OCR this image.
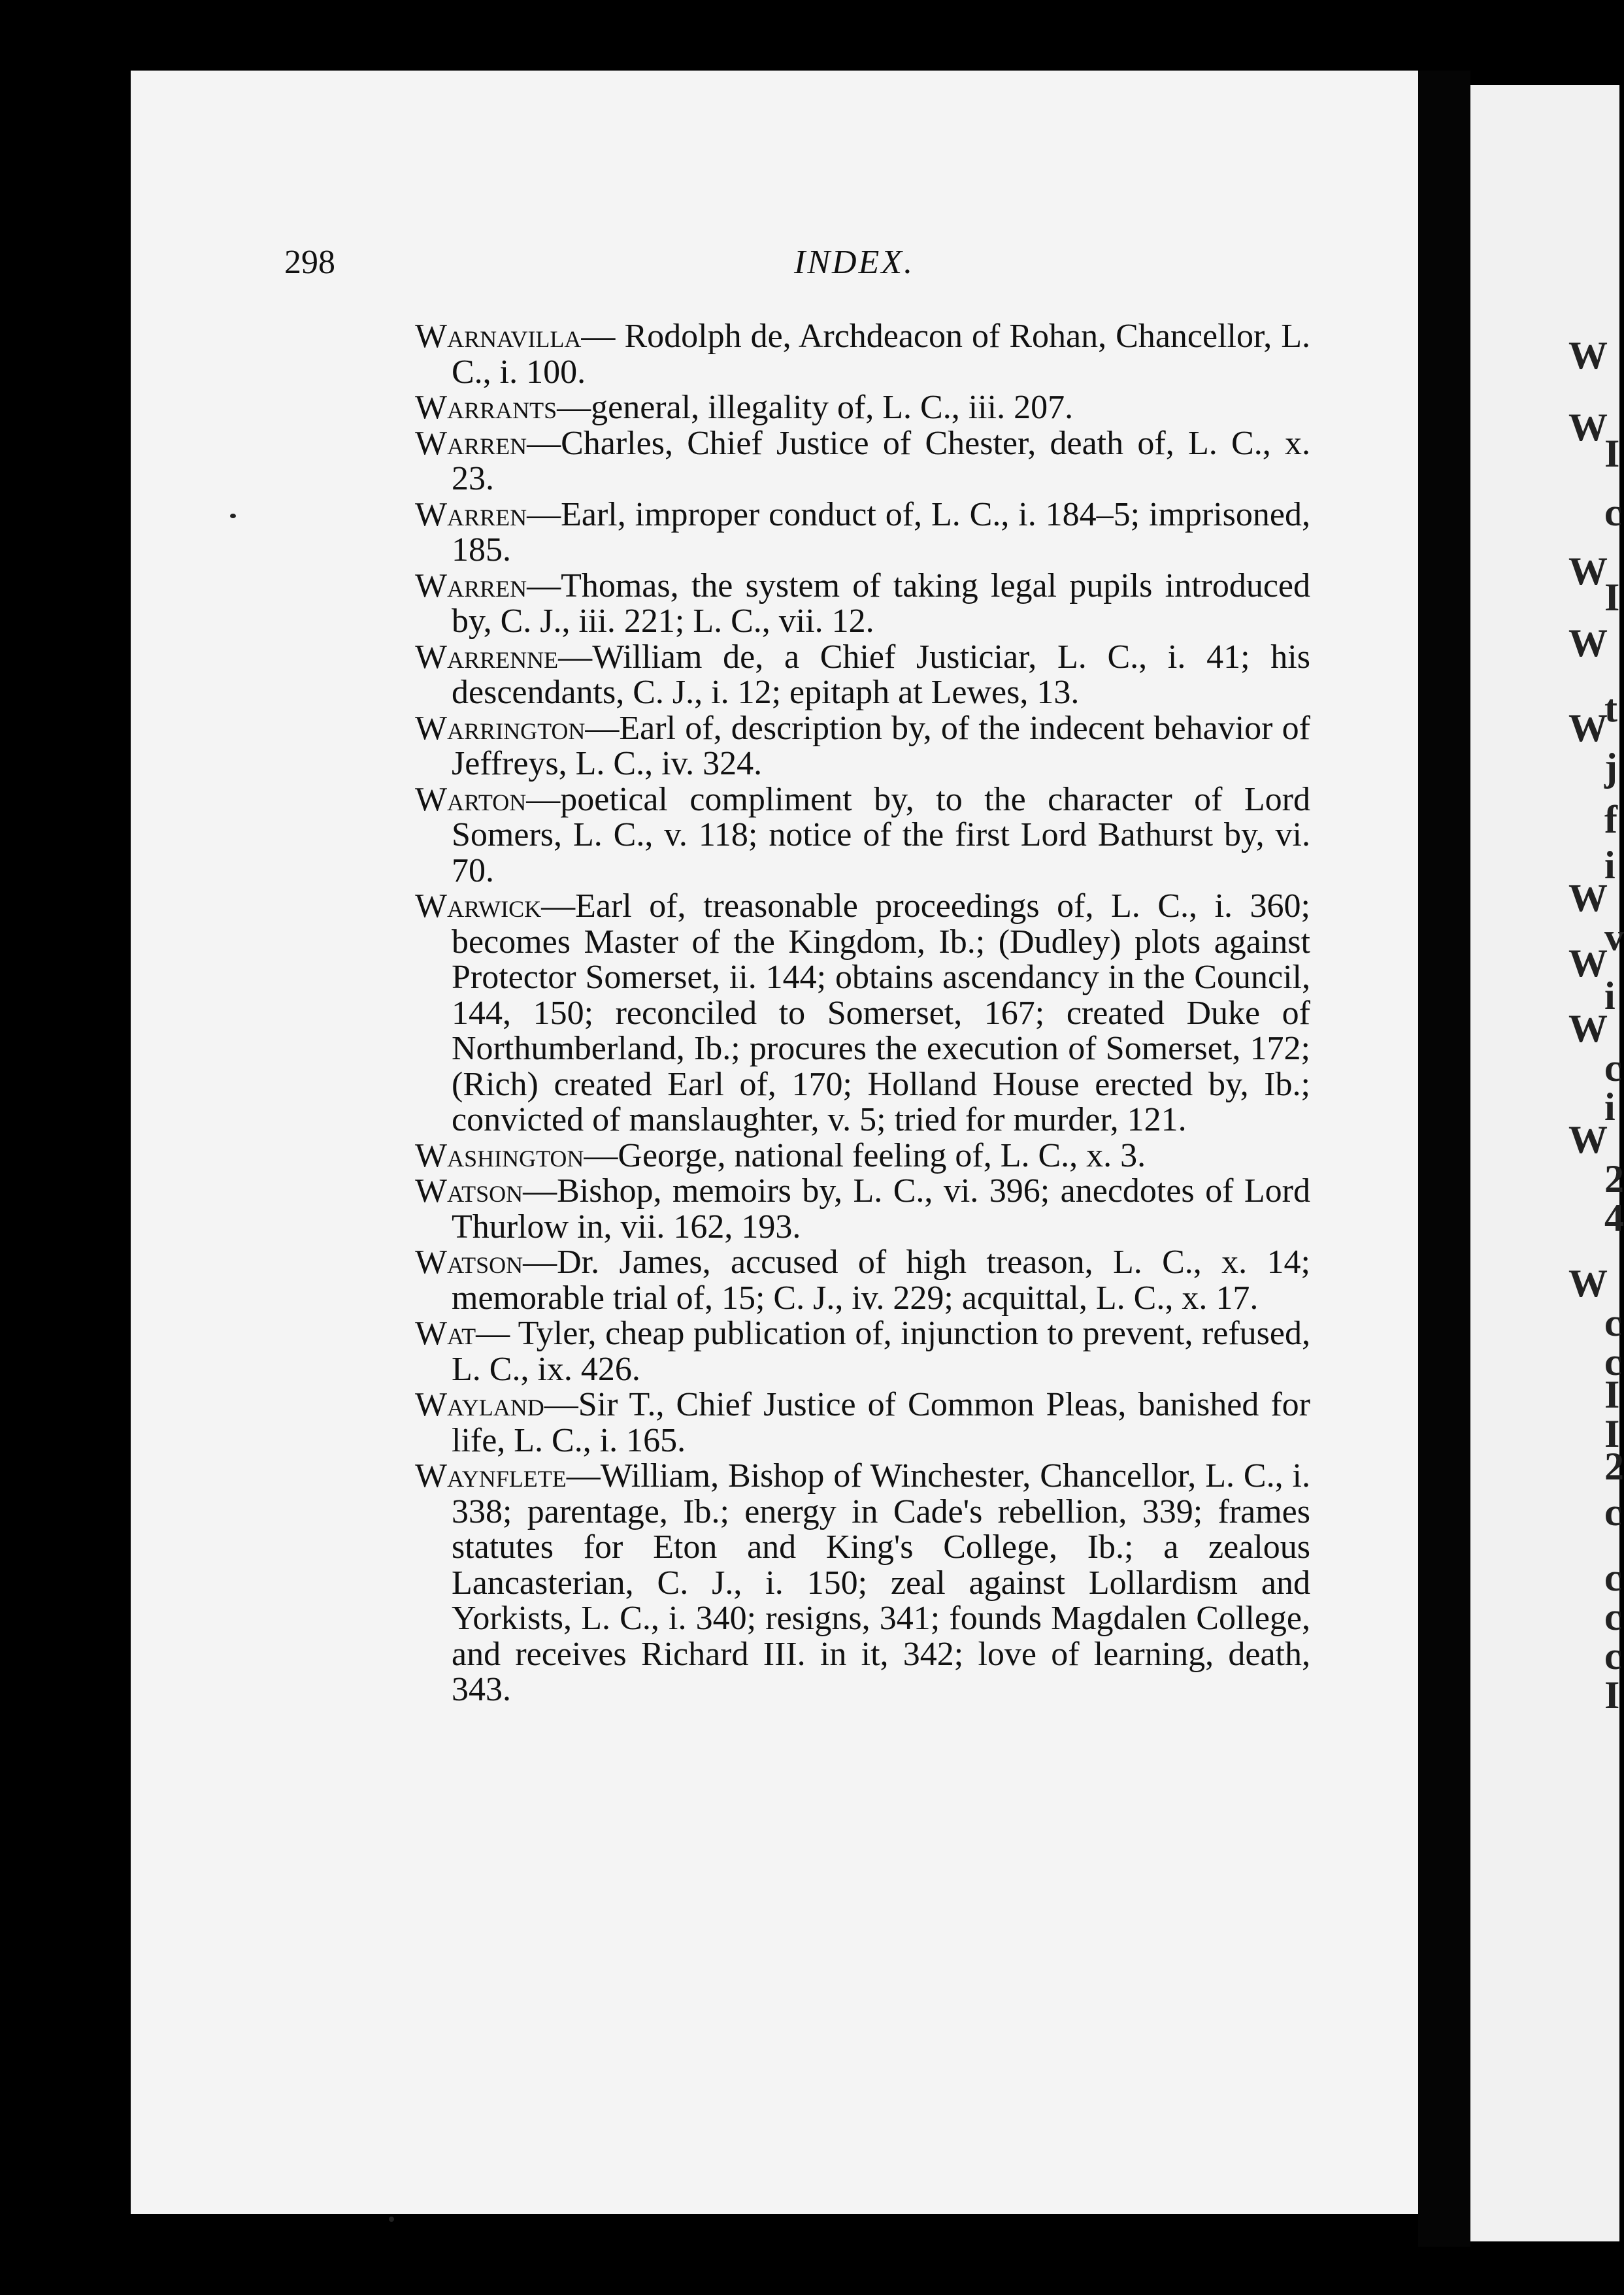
W
W
I
c
W
I
W
t
W
j
f
i
W
v
W
i
W
c
i
W
2
4
W
c
c
I
I
2
c
c
c
c
I
298	INDEX.

Warnavilla— Rodolph de, Archdeacon of Rohan, Chancellor, L. C., i. 100.

Warrants—general, illegality of, L. C., iii. 207.

Warren—Charles, Chief Justice of Chester, death of, L. C., x. 23.

Warren—Earl, improper conduct of, L. C., i. 184–5; imprisoned, 185.

Warren—Thomas, the system of taking legal pupils introduced by, C. J., iii. 221; L. C., vii. 12.

Warrenne—William de, a Chief Justiciar, L. C., i. 41; his descendants, C. J., i. 12; epitaph at Lewes, 13.

Warrington—Earl of, description by, of the indecent behavior of Jeffreys, L. C., iv. 324.

Warton—poetical compliment by, to the character of Lord Somers, L. C., v. 118; notice of the first Lord Bathurst by, vi. 70.

Warwick—Earl of, treasonable proceedings of, L. C., i. 360; becomes Master of the Kingdom, Ib.; (Dudley) plots against Protector Somerset, ii. 144; obtains ascendancy in the Council, 144, 150; reconciled to Somerset, 167; created Duke of Northumberland, Ib.; procures the execution of Somerset, 172; (Rich) created Earl of, 170; Holland House erected by, Ib.; convicted of manslaughter, v. 5; tried for murder, 121.

Washington—George, national feeling of, L. C., x. 3.

Watson—Bishop, memoirs by, L. C., vi. 396; anecdotes of Lord Thurlow in, vii. 162, 193.

Watson—Dr. James, accused of high treason, L. C., x. 14; memorable trial of, 15; C. J., iv. 229; acquittal, L. C., x. 17.

Wat— Tyler, cheap publication of, injunction to prevent, refused, L. C., ix. 426.

Wayland—Sir T., Chief Justice of Common Pleas, banished for life, L. C., i. 165.

Waynflete—William, Bishop of Winchester, Chancellor, L. C., i. 338; parentage, Ib.; energy in Cade's rebellion, 339; frames statutes for Eton and King's College, Ib.; a zealous Lancasterian, C. J., i. 150; zeal against Lollardism and Yorkists, L. C., i. 340; resigns, 341; founds Magdalen College, and receives Richard III. in it, 342; love of learning, death, 343.
